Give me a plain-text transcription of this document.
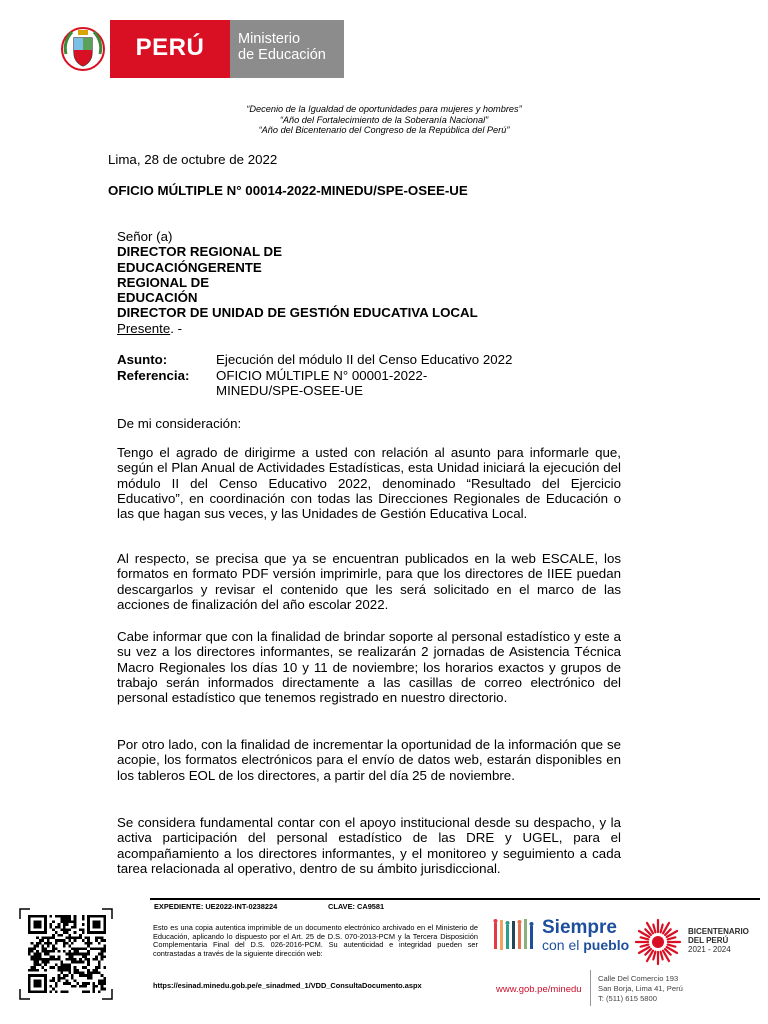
PERÚ	Ministerio
de Educación
“Decenio de la Igualdad de oportunidades para mujeres y hombres”
“Año del Fortalecimiento de la Soberanía Nacional”
“Año del Bicentenario del Congreso de la República del Perú”
Lima, 28 de octubre de 2022
OFICIO MÚLTIPLE N° 00014-2022-MINEDU/SPE-OSEE-UE
Señor (a)
DIRECTOR REGIONAL DE
EDUCACIÓNGERENTE
REGIONAL DE
EDUCACIÓN
DIRECTOR DE UNIDAD DE GESTIÓN EDUCATIVA LOCAL
Presente. -
Asunto:	Ejecución del módulo II del Censo Educativo 2022
Referencia: OFICIO MÚLTIPLE N° 00001-2022-
MINEDU/SPE-OSEE-UE
De mi consideración:
Tengo el agrado de dirigirme a usted con relación al asunto para informarle que, según el Plan Anual de Actividades Estadísticas, esta Unidad iniciará la ejecución del módulo II del Censo Educativo 2022, denominado “Resultado del Ejercicio Educativo”, en coordinación con todas las Direcciones Regionales de Educación o las que hagan sus veces, y las Unidades de Gestión Educativa Local.
Al respecto, se precisa que ya se encuentran publicados en la web ESCALE, los formatos en formato PDF versión imprimirle, para que los directores de IIEE puedan descargarlos y revisar el contenido que les será solicitado en el marco de las acciones de finalización del año escolar 2022.
Cabe informar que con la finalidad de brindar soporte al personal estadístico y este a su vez a los directores informantes, se realizarán 2 jornadas de Asistencia Técnica Macro Regionales los días 10 y 11 de noviembre; los horarios exactos y grupos de trabajo serán informados directamente a las casillas de correo electrónico del personal estadístico que tenemos registrado en nuestro directorio.
Por otro lado, con la finalidad de incrementar la oportunidad de la información que se acopie, los formatos electrónicos para el envío de datos web, estarán disponibles en los tableros EOL de los directores, a partir del día 25 de noviembre.
Se considera fundamental contar con el apoyo institucional desde su despacho, y la activa participación del personal estadístico de las DRE y UGEL, para el acompañamiento a los directores informantes, y el monitoreo y seguimiento a cada tarea relacionada al operativo, dentro de su ámbito jurisdiccional.
EXPEDIENTE: UE2022-INT-0238224	CLAVE: CA9581
Esto es una copia autentica imprimible de un documento electrónico archivado en el Ministerio de Educación, aplicando lo dispuesto por el Art. 25 de D.S. 070-2013-PCM y la Tercera Disposición Complementaria Final del D.S. 026-2016-PCM. Su autenticidad e integridad pueden ser contrastadas a través de la siguiente dirección web:
https://esinad.minedu.gob.pe/e_sinadmed_1/VDD_ConsultaDocumento.aspx
Siempre
con el pueblo
BICENTENARIO
DEL PERÚ
2021 - 2024
www.gob.pe/minedu
Calle Del Comercio 193
San Borja, Lima 41, Perú
T: (511) 615 5800
